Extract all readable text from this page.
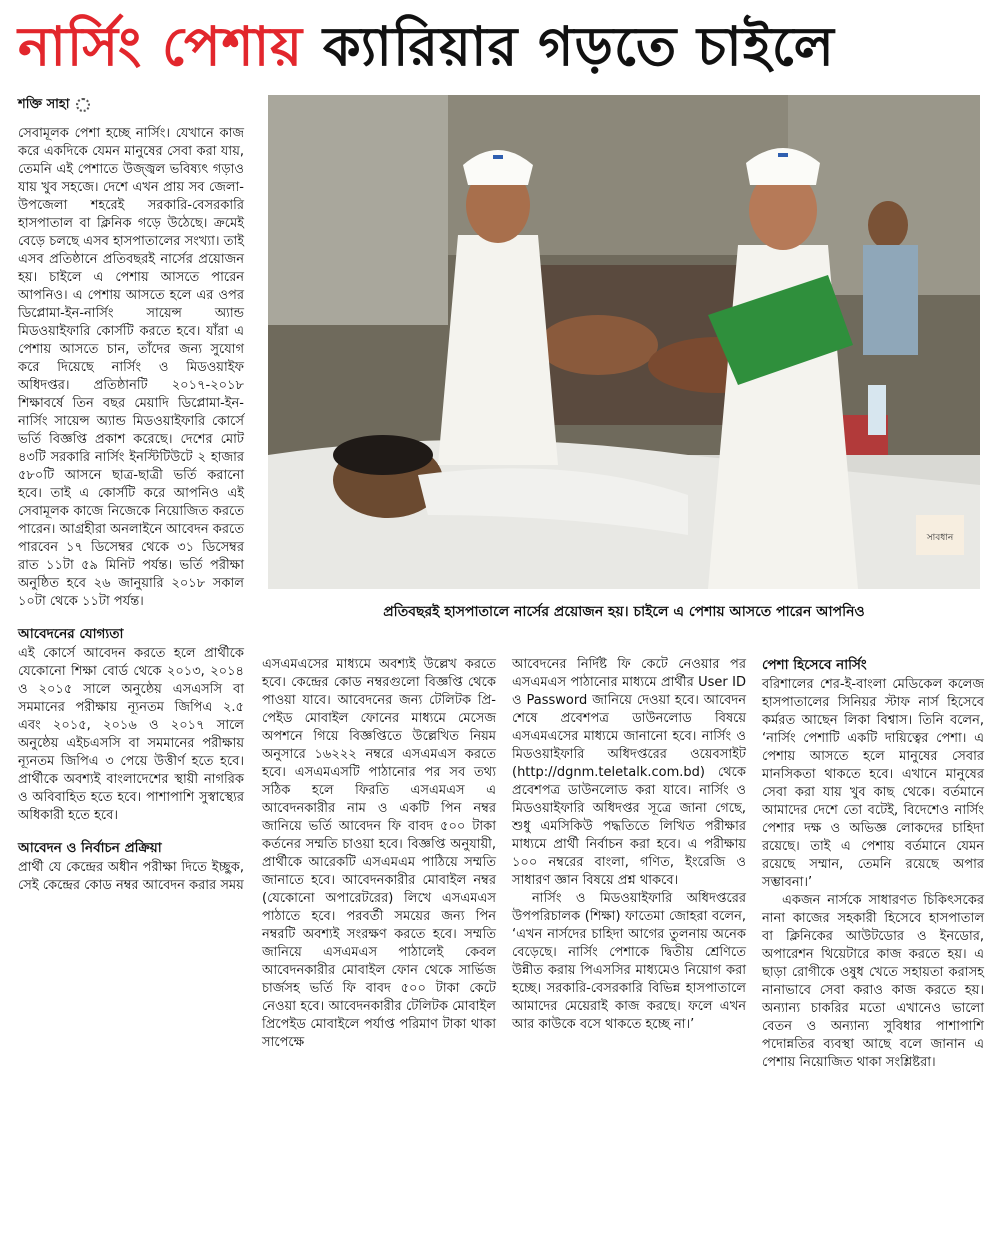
নার্সিং পেশায় ক্যারিয়ার গড়তে চাইলে
শক্তি সাহা
সাবধান
প্রতিবছরই হাসপাতালে নার্সের প্রয়োজন হয়। চাইলে এ পেশায় আসতে পারেন আপনিও

সেবামূলক পেশা হচ্ছে নার্সিং। যেখানে কাজ করে একদিকে যেমন মানুষের সেবা করা যায়, তেমনি এই পেশাতে উজ্জ্বল ভবিষ্যৎ গড়াও যায় খুব সহজে। দেশে এখন প্রায় সব জেলা-উপজেলা শহরেই সরকারি-বেসরকারি হাসপাতাল বা ক্লিনিক গড়ে উঠেছে। ক্রমেই বেড়ে চলছে এসব হাসপাতালের সংখ্যা। তাই এসব প্রতিষ্ঠানে প্রতিবছরই নার্সের প্রয়োজন হয়। চাইলে এ পেশায় আসতে পারেন আপনিও। এ পেশায় আসতে হলে এর ওপর ডিপ্লোমা-ইন-নার্সিং সায়েন্স অ্যান্ড মিডওয়াইফারি কোর্সটি করতে হবে। যাঁরা এ পেশায় আসতে চান, তাঁদের জন্য সুযোগ করে দিয়েছে নার্সিং ও মিডওয়াইফ অধিদপ্তর। প্রতিষ্ঠানটি ২০১৭-২০১৮ শিক্ষাবর্ষে তিন বছর মেয়াদি ডিপ্লোমা-ইন-নার্সিং সায়েন্স অ্যান্ড মিডওয়াইফারি কোর্সে ভর্তি বিজ্ঞপ্তি প্রকাশ করেছে। দেশের মোট ৪৩টি সরকারি নার্সিং ইনস্টিটিউটে ২ হাজার ৫৮০টি আসনে ছাত্র-ছাত্রী ভর্তি করানো হবে। তাই এ কোর্সটি করে আপনিও এই সেবামূলক কাজে নিজেকে নিয়োজিত করতে পারেন। আগ্রহীরা অনলাইনে আবেদন করতে পারবেন ১৭ ডিসেম্বর থেকে ৩১ ডিসেম্বর রাত ১১টা ৫৯ মিনিট পর্যন্ত। ভর্তি পরীক্ষা অনুষ্ঠিত হবে ২৬ জানুয়ারি ২০১৮ সকাল ১০টা থেকে ১১টা পর্যন্ত।

আবেদনের যোগ্যতা

এই কোর্সে আবেদন করতে হলে প্রার্থীকে যেকোনো শিক্ষা বোর্ড থেকে ২০১৩, ২০১৪ ও ২০১৫ সালে অনুষ্ঠেয় এসএসসি বা সমমানের পরীক্ষায় ন্যূনতম জিপিএ ২.৫ এবং ২০১৫, ২০১৬ ও ২০১৭ সালে অনুষ্ঠেয় এইচএসসি বা সমমানের পরীক্ষায় ন্যূনতম জিপিএ ৩ পেয়ে উত্তীর্ণ হতে হবে। প্রার্থীকে অবশ্যই বাংলাদেশের স্থায়ী নাগরিক ও অবিবাহিত হতে হবে। পাশাপাশি সুস্বাস্থ্যের অধিকারী হতে হবে।

আবেদন ও নির্বাচন প্রক্রিয়া

প্রার্থী যে কেন্দ্রের অধীন পরীক্ষা দিতে ইচ্ছুক, সেই কেন্দ্রের কোড নম্বর আবেদন করার সময়

এসএমএসের মাধ্যমে অবশ্যই উল্লেখ করতে হবে। কেন্দ্রের কোড নম্বরগুলো বিজ্ঞপ্তি থেকে পাওয়া যাবে। আবেদনের জন্য টেলিটক প্রি-পেইড মোবাইল ফোনের মাধ্যমে মেসেজ অপশনে গিয়ে বিজ্ঞপ্তিতে উল্লেখিত নিয়ম অনুসারে ১৬২২২ নম্বরে এসএমএস করতে হবে। এসএমএসটি পাঠানোর পর সব তথ্য সঠিক হলে ফিরতি এসএমএস এ আবেদনকারীর নাম ও একটি পিন নম্বর জানিয়ে ভর্তি আবেদন ফি বাবদ ৫০০ টাকা কর্তনের সম্মতি চাওয়া হবে। বিজ্ঞপ্তি অনুযায়ী, প্রার্থীকে আরেকটি এসএমএম পাঠিয়ে সম্মতি জানাতে হবে। আবেদনকারীর মোবাইল নম্বর (যেকোনো অপারেটরের) লিখে এসএমএস পাঠাতে হবে। পরবর্তী সময়ের জন্য পিন নম্বরটি অবশ্যই সংরক্ষণ করতে হবে। সম্মতি জানিয়ে এসএমএস পাঠালেই কেবল আবেদনকারীর মোবাইল ফোন থেকে সার্ভিজ চার্জসহ ভর্তি ফি বাবদ ৫০০ টাকা কেটে নেওয়া হবে। আবেদনকারীর টেলিটক মোবাইল প্রিপেইড মোবাইলে পর্যাপ্ত পরিমাণ টাকা থাকা সাপেক্ষে

আবেদনের নির্দিষ্ট ফি কেটে নেওয়ার পর এসএমএস পাঠানোর মাধ্যমে প্রার্থীর User ID ও Password জানিয়ে দেওয়া হবে। আবেদন শেষে প্রবেশপত্র ডাউনলোড বিষয়ে এসএমএসের মাধ্যমে জানানো হবে। নার্সিং ও মিডওয়াইফারি অধিদপ্তরের ওয়েবসাইট (http://dgnm.teletalk.com.bd) থেকে প্রবেশপত্র ডাউনলোড করা যাবে। নার্সিং ও মিডওয়াইফারি অধিদপ্তর সূত্রে জানা গেছে, শুধু এমসিকিউ পদ্ধতিতে লিখিত পরীক্ষার মাধ্যমে প্রার্থী নির্বাচন করা হবে। এ পরীক্ষায় ১০০ নম্বরের বাংলা, গণিত, ইংরেজি ও সাধারণ জ্ঞান বিষয়ে প্রশ্ন থাকবে।

নার্সিং ও মিডওয়াইফারি অধিদপ্তরের উপপরিচালক (শিক্ষা) ফাতেমা জোহরা বলেন, ‘এখন নার্সদের চাহিদা আগের তুলনায় অনেক বেড়েছে। নার্সিং পেশাকে দ্বিতীয় শ্রেণিতে উন্নীত করায় পিএসসির মাধ্যমেও নিয়োগ করা হচ্ছে। সরকারি-বেসরকারি বিভিন্ন হাসপাতালে আমাদের মেয়েরাই কাজ করছে। ফলে এখন আর কাউকে বসে থাকতে হচ্ছে না।’

পেশা হিসেবে নার্সিং

বরিশালের শের-ই-বাংলা মেডিকেল কলেজ হাসপাতালের সিনিয়র স্টাফ নার্স হিসেবে কর্মরত আছেন লিকা বিশ্বাস। তিনি বলেন, ‘নার্সিং পেশাটি একটি দায়িত্বের পেশা। এ পেশায় আসতে হলে মানুষের সেবার মানসিকতা থাকতে হবে। এখানে মানুষের সেবা করা যায় খুব কাছ থেকে। বর্তমানে আমাদের দেশে তো বটেই, বিদেশেও নার্সিং পেশার দক্ষ ও অভিজ্ঞ লোকদের চাহিদা রয়েছে। তাই এ পেশায় বর্তমানে যেমন রয়েছে সম্মান, তেমনি রয়েছে অপার সম্ভাবনা।’

একজন নার্সকে সাধারণত চিকিৎসকের নানা কাজের সহকারী হিসেবে হাসপাতাল বা ক্লিনিকের আউটডোর ও ইনডোর, অপারেশন থিয়েটারে কাজ করতে হয়। এ ছাড়া রোগীকে ওষুধ খেতে সহায়তা করাসহ নানাভাবে সেবা করাও কাজ করতে হয়। অন্যান্য চাকরির মতো এখানেও ভালো বেতন ও অন্যান্য সুবিধার পাশাপাশি পদোন্নতির ব্যবস্থা আছে বলে জানান এ পেশায় নিয়োজিত থাকা সংশ্লিষ্টরা।
